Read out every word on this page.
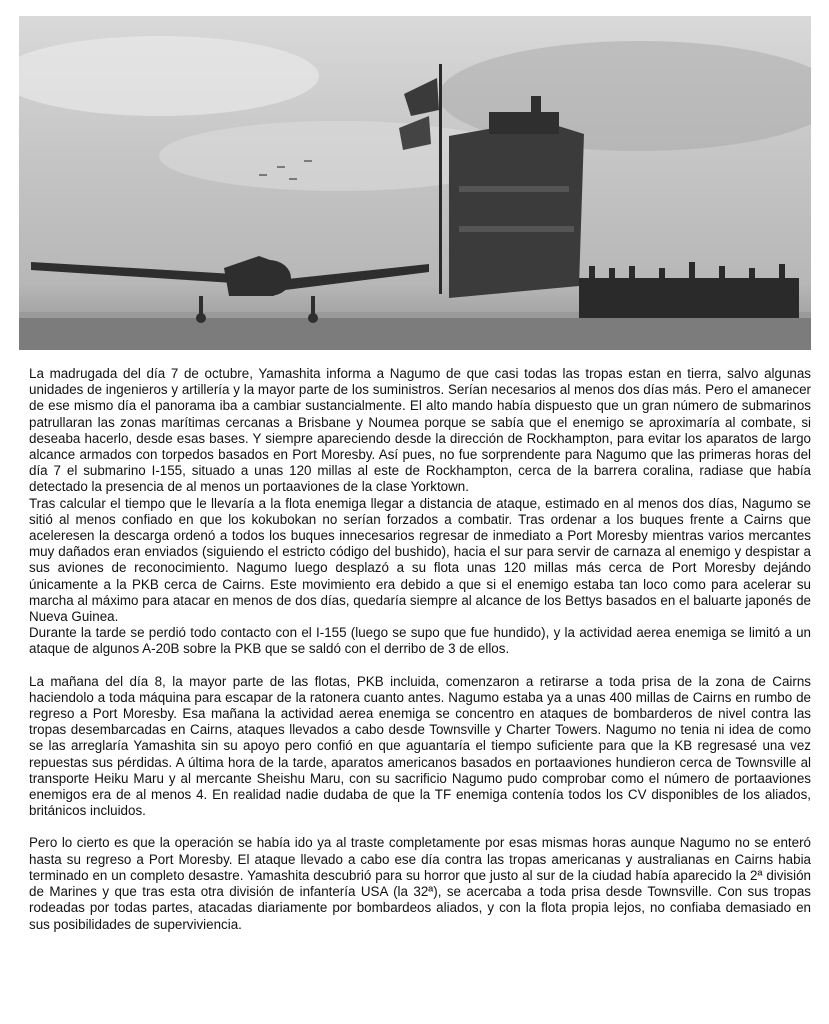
La madrugada del día 7 de octubre, Yamashita informa a Nagumo de que casi todas las tropas estan en tierra, salvo algunas unidades de ingenieros y artillería y la mayor parte de los suministros. Serían necesarios al menos dos días más. Pero el amanecer de ese mismo día el panorama iba a cambiar sustancialmente. El alto mando había dispuesto que un gran número de submarinos patrullaran las zonas marítimas cercanas a Brisbane y Noumea porque se sabía que el enemigo se aproximaría al combate, si deseaba hacerlo, desde esas bases. Y siempre apareciendo desde la dirección de Rockhampton, para evitar los aparatos de largo alcance armados con torpedos basados en Port Moresby. Así pues, no fue sorprendente para Nagumo que las primeras horas del día 7 el submarino I-155, situado a unas 120 millas al este de Rockhampton, cerca de la barrera coralina, radiase que había detectado la presencia de al menos un portaaviones de la clase Yorktown.

Tras calcular el tiempo que le llevaría a la flota enemiga llegar a distancia de ataque, estimado en al menos dos días, Nagumo se sitió al menos confiado en que los kokubokan no serían forzados a combatir. Tras ordenar a los buques frente a Cairns que aceleresen la descarga ordenó a todos los buques innecesarios regresar de inmediato a Port Moresby mientras varios mercantes muy dañados eran enviados (siguiendo el estricto código del bushido), hacia el sur para servir de carnaza al enemigo y despistar a sus aviones de reconocimiento. Nagumo luego desplazó a su flota unas 120 millas más cerca de Port Moresby dejándo únicamente a la PKB cerca de Cairns. Este movimiento era debido a que si el enemigo estaba tan loco como para acelerar su marcha al máximo para atacar en menos de dos días, quedaría siempre al alcance de los Bettys basados en el baluarte japonés de Nueva Guinea.

Durante la tarde se perdió todo contacto con el I-155 (luego se supo que fue hundido), y la actividad aerea enemiga se limitó a un ataque de algunos A-20B sobre la PKB que se saldó con el derribo de 3 de ellos.

La mañana del día 8, la mayor parte de las flotas, PKB incluida, comenzaron a retirarse a toda prisa de la zona de Cairns haciendolo a toda máquina para escapar de la ratonera cuanto antes. Nagumo estaba ya a unas 400 millas de Cairns en rumbo de regreso a Port Moresby. Esa mañana la actividad aerea enemiga se concentro en ataques de bombarderos de nivel contra las tropas desembarcadas en Cairns, ataques llevados a cabo desde Townsville y Charter Towers. Nagumo no tenia ni idea de como se las arreglaría Yamashita sin su apoyo pero confió en que aguantaría el tiempo suficiente para que la KB regresasé una vez repuestas sus pérdidas. A última hora de la tarde, aparatos americanos basados en portaaviones hundieron cerca de Townsville al transporte Heiku Maru y al mercante Sheishu Maru, con su sacrificio Nagumo pudo comprobar como el número de portaaviones enemigos era de al menos 4. En realidad nadie dudaba de que la TF enemiga contenía todos los CV disponibles de los aliados, británicos incluidos.

Pero lo cierto es que la operación se había ido ya al traste completamente por esas mismas horas aunque Nagumo no se enteró hasta su regreso a Port Moresby. El ataque llevado a cabo ese día contra las tropas americanas y australianas en Cairns habia terminado en un completo desastre. Yamashita descubrió para su horror que justo al sur de la ciudad había aparecido la 2ª división de Marines y que tras esta otra división de infantería USA (la 32ª), se acercaba a toda prisa desde Townsville. Con sus tropas rodeadas por todas partes, atacadas diariamente por bombardeos aliados, y con la flota propia lejos, no confiaba demasiado en sus posibilidades de superviviencia.
